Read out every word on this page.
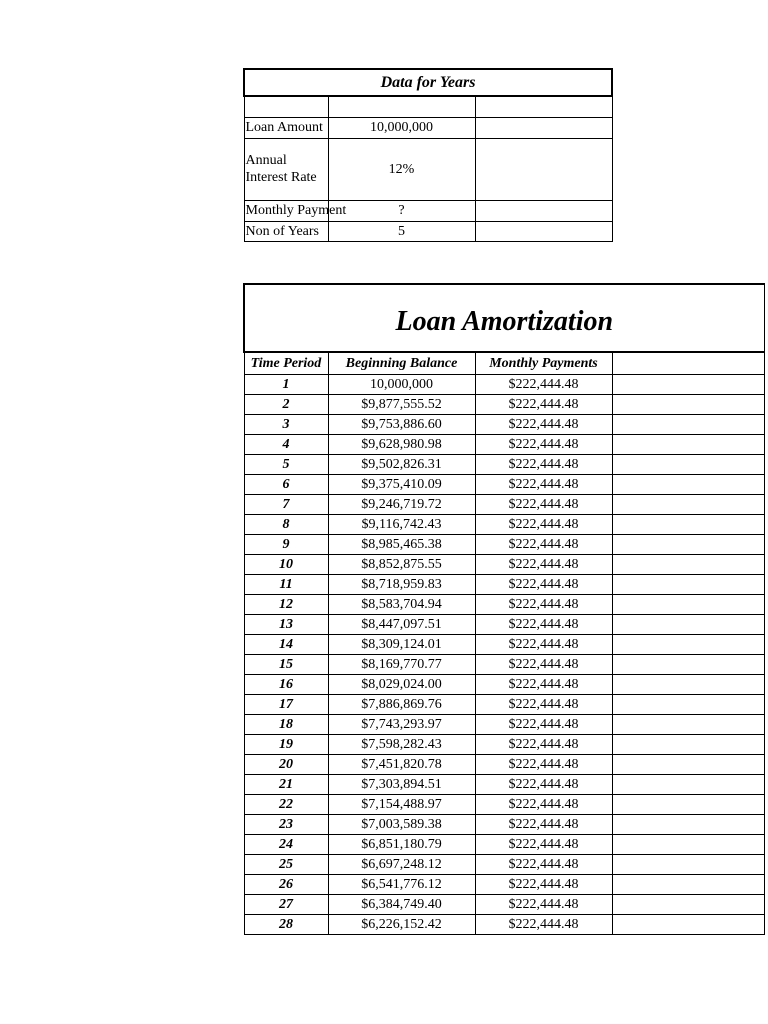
Data for Years		

Loan Amount	10,000,000	
Annual Interest Rate	12%	
Monthly Payment	?	
Non of Years	5	
Loan Amortization			
Time Period	Beginning Balance	Monthly Payments	
1	10,000,000	$222,444.48	
2	$9,877,555.52	$222,444.48	
3	$9,753,886.60	$222,444.48	
4	$9,628,980.98	$222,444.48	
5	$9,502,826.31	$222,444.48	
6	$9,375,410.09	$222,444.48	
7	$9,246,719.72	$222,444.48	
8	$9,116,742.43	$222,444.48	
9	$8,985,465.38	$222,444.48	
10	$8,852,875.55	$222,444.48	
11	$8,718,959.83	$222,444.48	
12	$8,583,704.94	$222,444.48	
13	$8,447,097.51	$222,444.48	
14	$8,309,124.01	$222,444.48	
15	$8,169,770.77	$222,444.48	
16	$8,029,024.00	$222,444.48	
17	$7,886,869.76	$222,444.48	
18	$7,743,293.97	$222,444.48	
19	$7,598,282.43	$222,444.48	
20	$7,451,820.78	$222,444.48	
21	$7,303,894.51	$222,444.48	
22	$7,154,488.97	$222,444.48	
23	$7,003,589.38	$222,444.48	
24	$6,851,180.79	$222,444.48	
25	$6,697,248.12	$222,444.48	
26	$6,541,776.12	$222,444.48	
27	$6,384,749.40	$222,444.48	
28	$6,226,152.42	$222,444.48	
